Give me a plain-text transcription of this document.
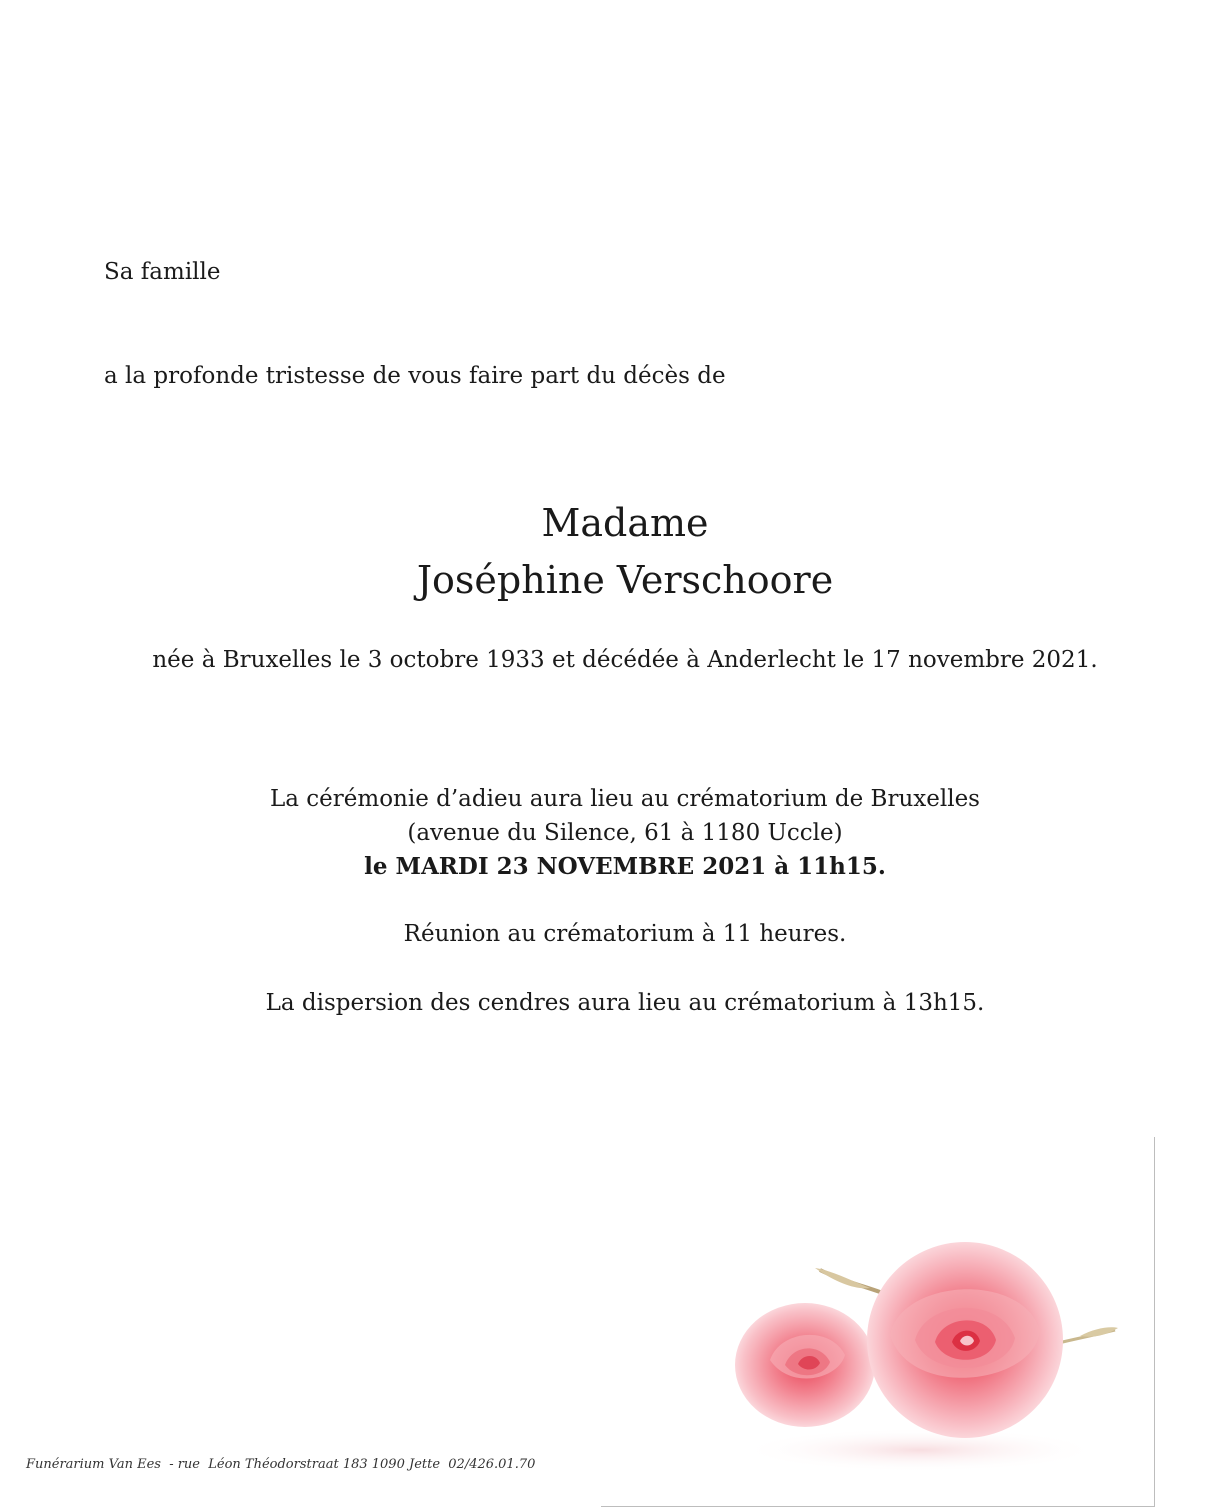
Sa famille
a la profonde tristesse de vous faire part du décès de
Madame
Joséphine Verschoore
née à Bruxelles le 3 octobre 1933 et décédée à Anderlecht le 17 novembre 2021.
La cérémonie d’adieu aura lieu au crématorium de Bruxelles
(avenue du Silence, 61 à 1180 Uccle)
le MARDI 23 NOVEMBRE 2021 à 11h15.
Réunion au crématorium à 11 heures.
La dispersion des cendres aura lieu au crématorium à 13h15.
Funérarium Van Ees  - rue  Léon Théodorstraat 183 1090 Jette  02/426.01.70
